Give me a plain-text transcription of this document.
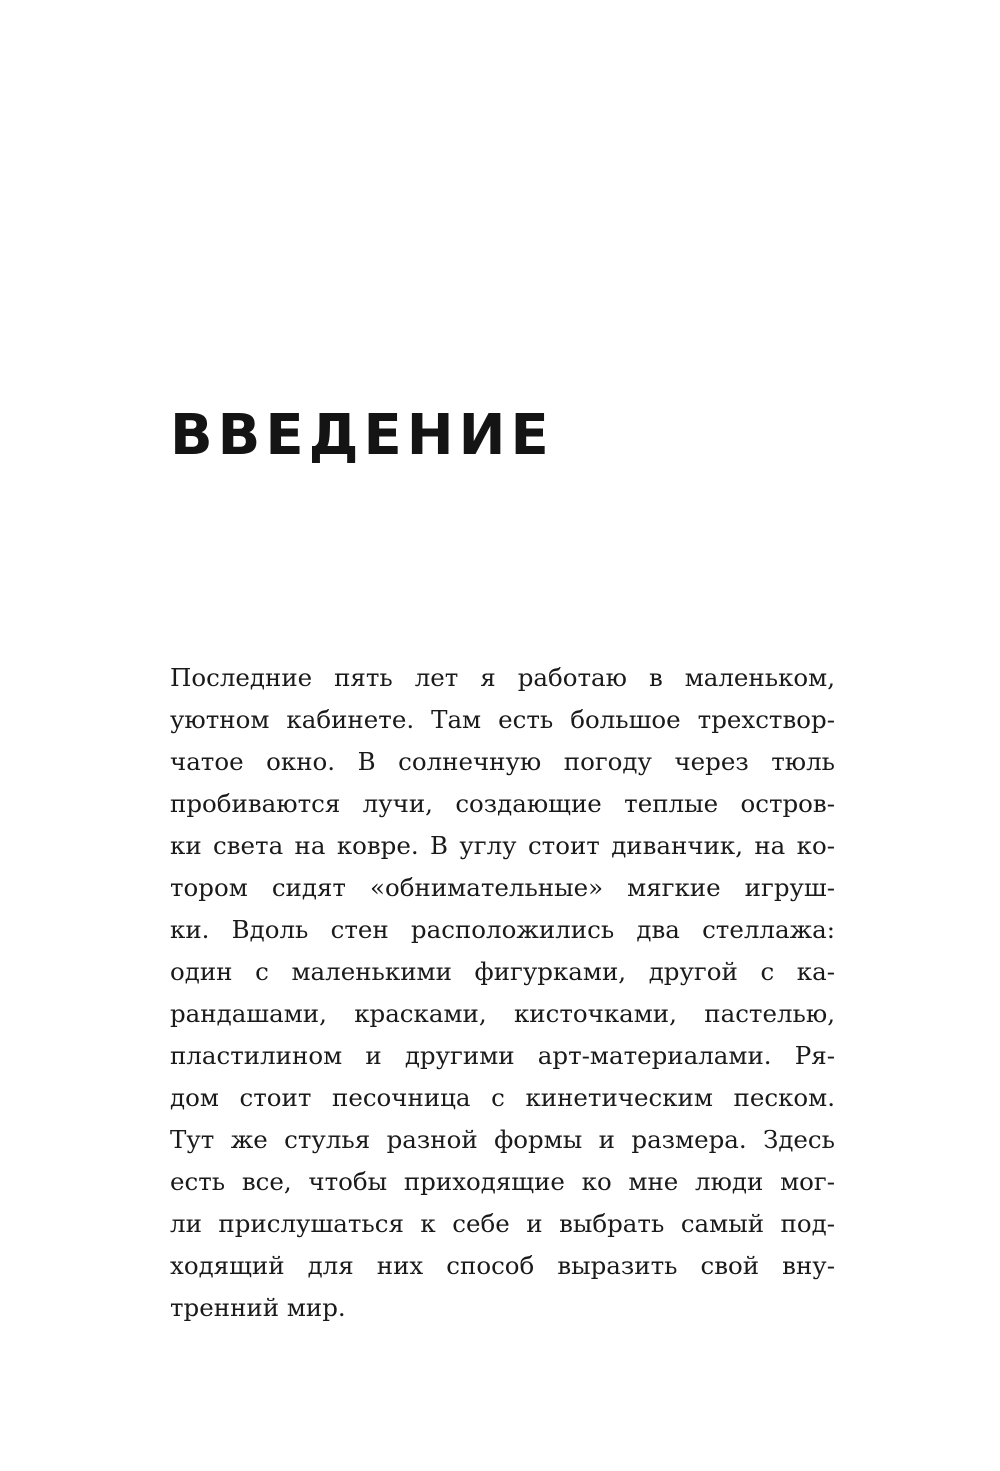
ВВЕДЕНИЕ
Последние пять лет я работаю в маленьком,
уютном кабинете. Там есть большое трехствор-
чатое окно. В солнечную погоду через тюль
пробиваются лучи, создающие теплые остров-
ки света на ковре. В углу стоит диванчик, на ко-
тором сидят «обнимательные» мягкие игруш-
ки. Вдоль стен расположились два стеллажа:
один с маленькими фигурками, другой с ка-
рандашами, красками, кисточками, пастелью,
пластилином и другими арт-материалами. Ря-
дом стоит песочница с кинетическим песком.
Тут же стулья разной формы и размера. Здесь
есть все, чтобы приходящие ко мне люди мог-
ли прислушаться к себе и выбрать самый под-
ходящий для них способ выразить свой вну-
тренний мир.
